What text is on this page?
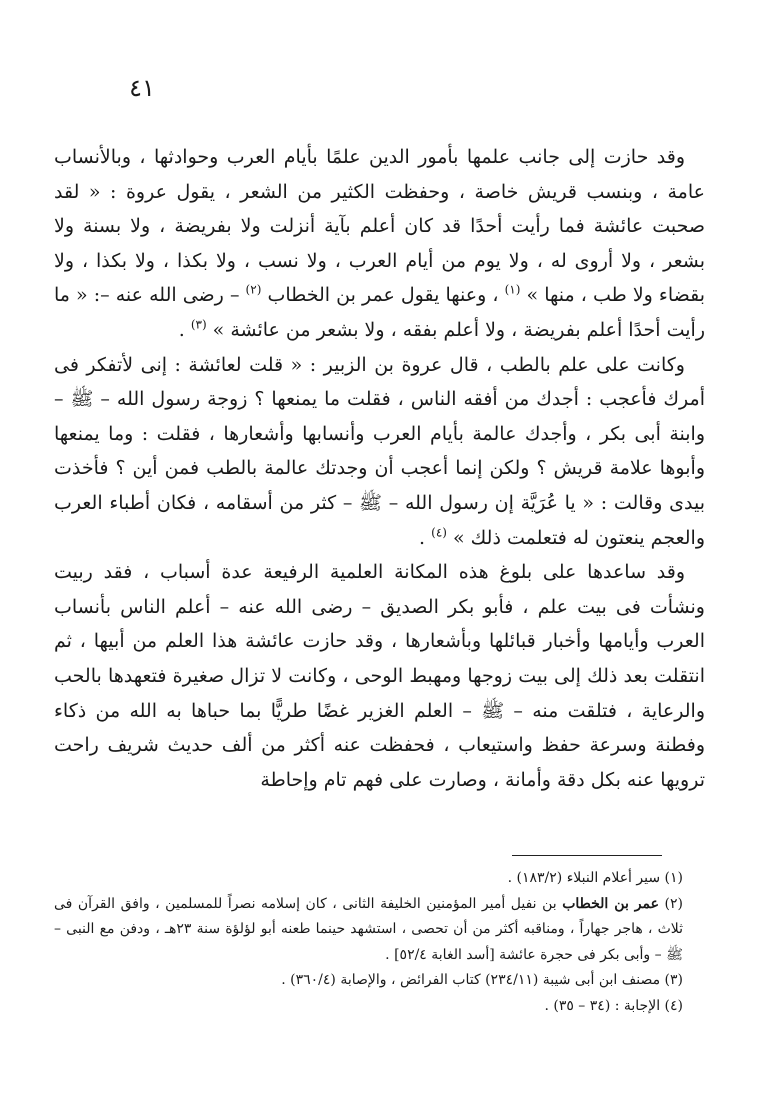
٤١

وقد حازت إلى جانب علمها بأمور الدين علمًا بأيام العرب وحوادثها ، وبالأنساب عامة ، وبنسب قريش خاصة ، وحفظت الكثير من الشعر ، يقول عروة : « لقد صحبت عائشة فما رأيت أحدًا قد كان أعلم بآية أنزلت ولا بفريضة ، ولا بسنة ولا بشعر ، ولا أروى له ، ولا يوم من أيام العرب ، ولا نسب ، ولا بكذا ، ولا بكذا ، ولا بقضاء ولا طب ، منها » $^{(١)}$ ، وعنها يقول عمر بن الخطاب $^{(٢)}$ – رضى الله عنه –: « ما رأيت أحدًا أعلم بفريضة ، ولا أعلم بفقه ، ولا بشعر من عائشة » $^{(٣)}$ .

وكانت على علم بالطب ، قال عروة بن الزبير : « قلت لعائشة : إنى لأتفكر فى أمرك فأعجب : أجدك من أفقه الناس ، فقلت ما يمنعها ؟ زوجة رسول الله – ﷺ – وابنة أبى بكر ، وأجدك عالمة بأيام العرب وأنسابها وأشعارها ، فقلت : وما يمنعها وأبوها علامة قريش ؟ ولكن إنما أعجب أن وجدتك عالمة بالطب فمن أين ؟ فأخذت بيدى وقالت : « يا عُرَيَّة إن رسول الله – ﷺ – كثر من أسقامه ، فكان أطباء العرب والعجم ينعتون له فتعلمت ذلك » $^{(٤)}$ .

وقد ساعدها على بلوغ هذه المكانة العلمية الرفيعة عدة أسباب ، فقد ربيت ونشأت فى بيت علم ، فأبو بكر الصديق – رضى الله عنه – أعلم الناس بأنساب العرب وأيامها وأخبار قبائلها وبأشعارها ، وقد حازت عائشة هذا العلم من أبيها ، ثم انتقلت بعد ذلك إلى بيت زوجها ومهبط الوحى ، وكانت لا تزال صغيرة فتعهدها بالحب والرعاية ، فتلقت منه – ﷺ – العلم الغزير غضًا طريًّا بما حباها به الله من ذكاء وفطنة وسرعة حفظ واستيعاب ، فحفظت عنه أكثر من ألف حديث شريف راحت ترويها عنه بكل دقة وأمانة ، وصارت على فهم تام وإحاطة

(١) سير أعلام النبلاء (١٨٣/٢) .

(٢) عمر بن الخطاب بن نفيل أمير المؤمنين الخليفة الثانى ، كان إسلامه نصراً للمسلمين ، وافق القرآن فى ثلاث ، هاجر جهاراً ، ومناقبه أكثر من أن تحصى ، استشهد حينما طعنه أبو لؤلؤة سنة ٢٣هـ ، ودفن مع النبى – ﷺ – وأبى بكر فى حجرة عائشة [أسد الغابة ٥٢/٤] .

(٣) مصنف ابن أبى شيبة (٢٣٤/١١) كتاب الفرائض ، والإصابة (٣٦٠/٤) .

(٤) الإجابة : (٣٤ – ٣٥) .
